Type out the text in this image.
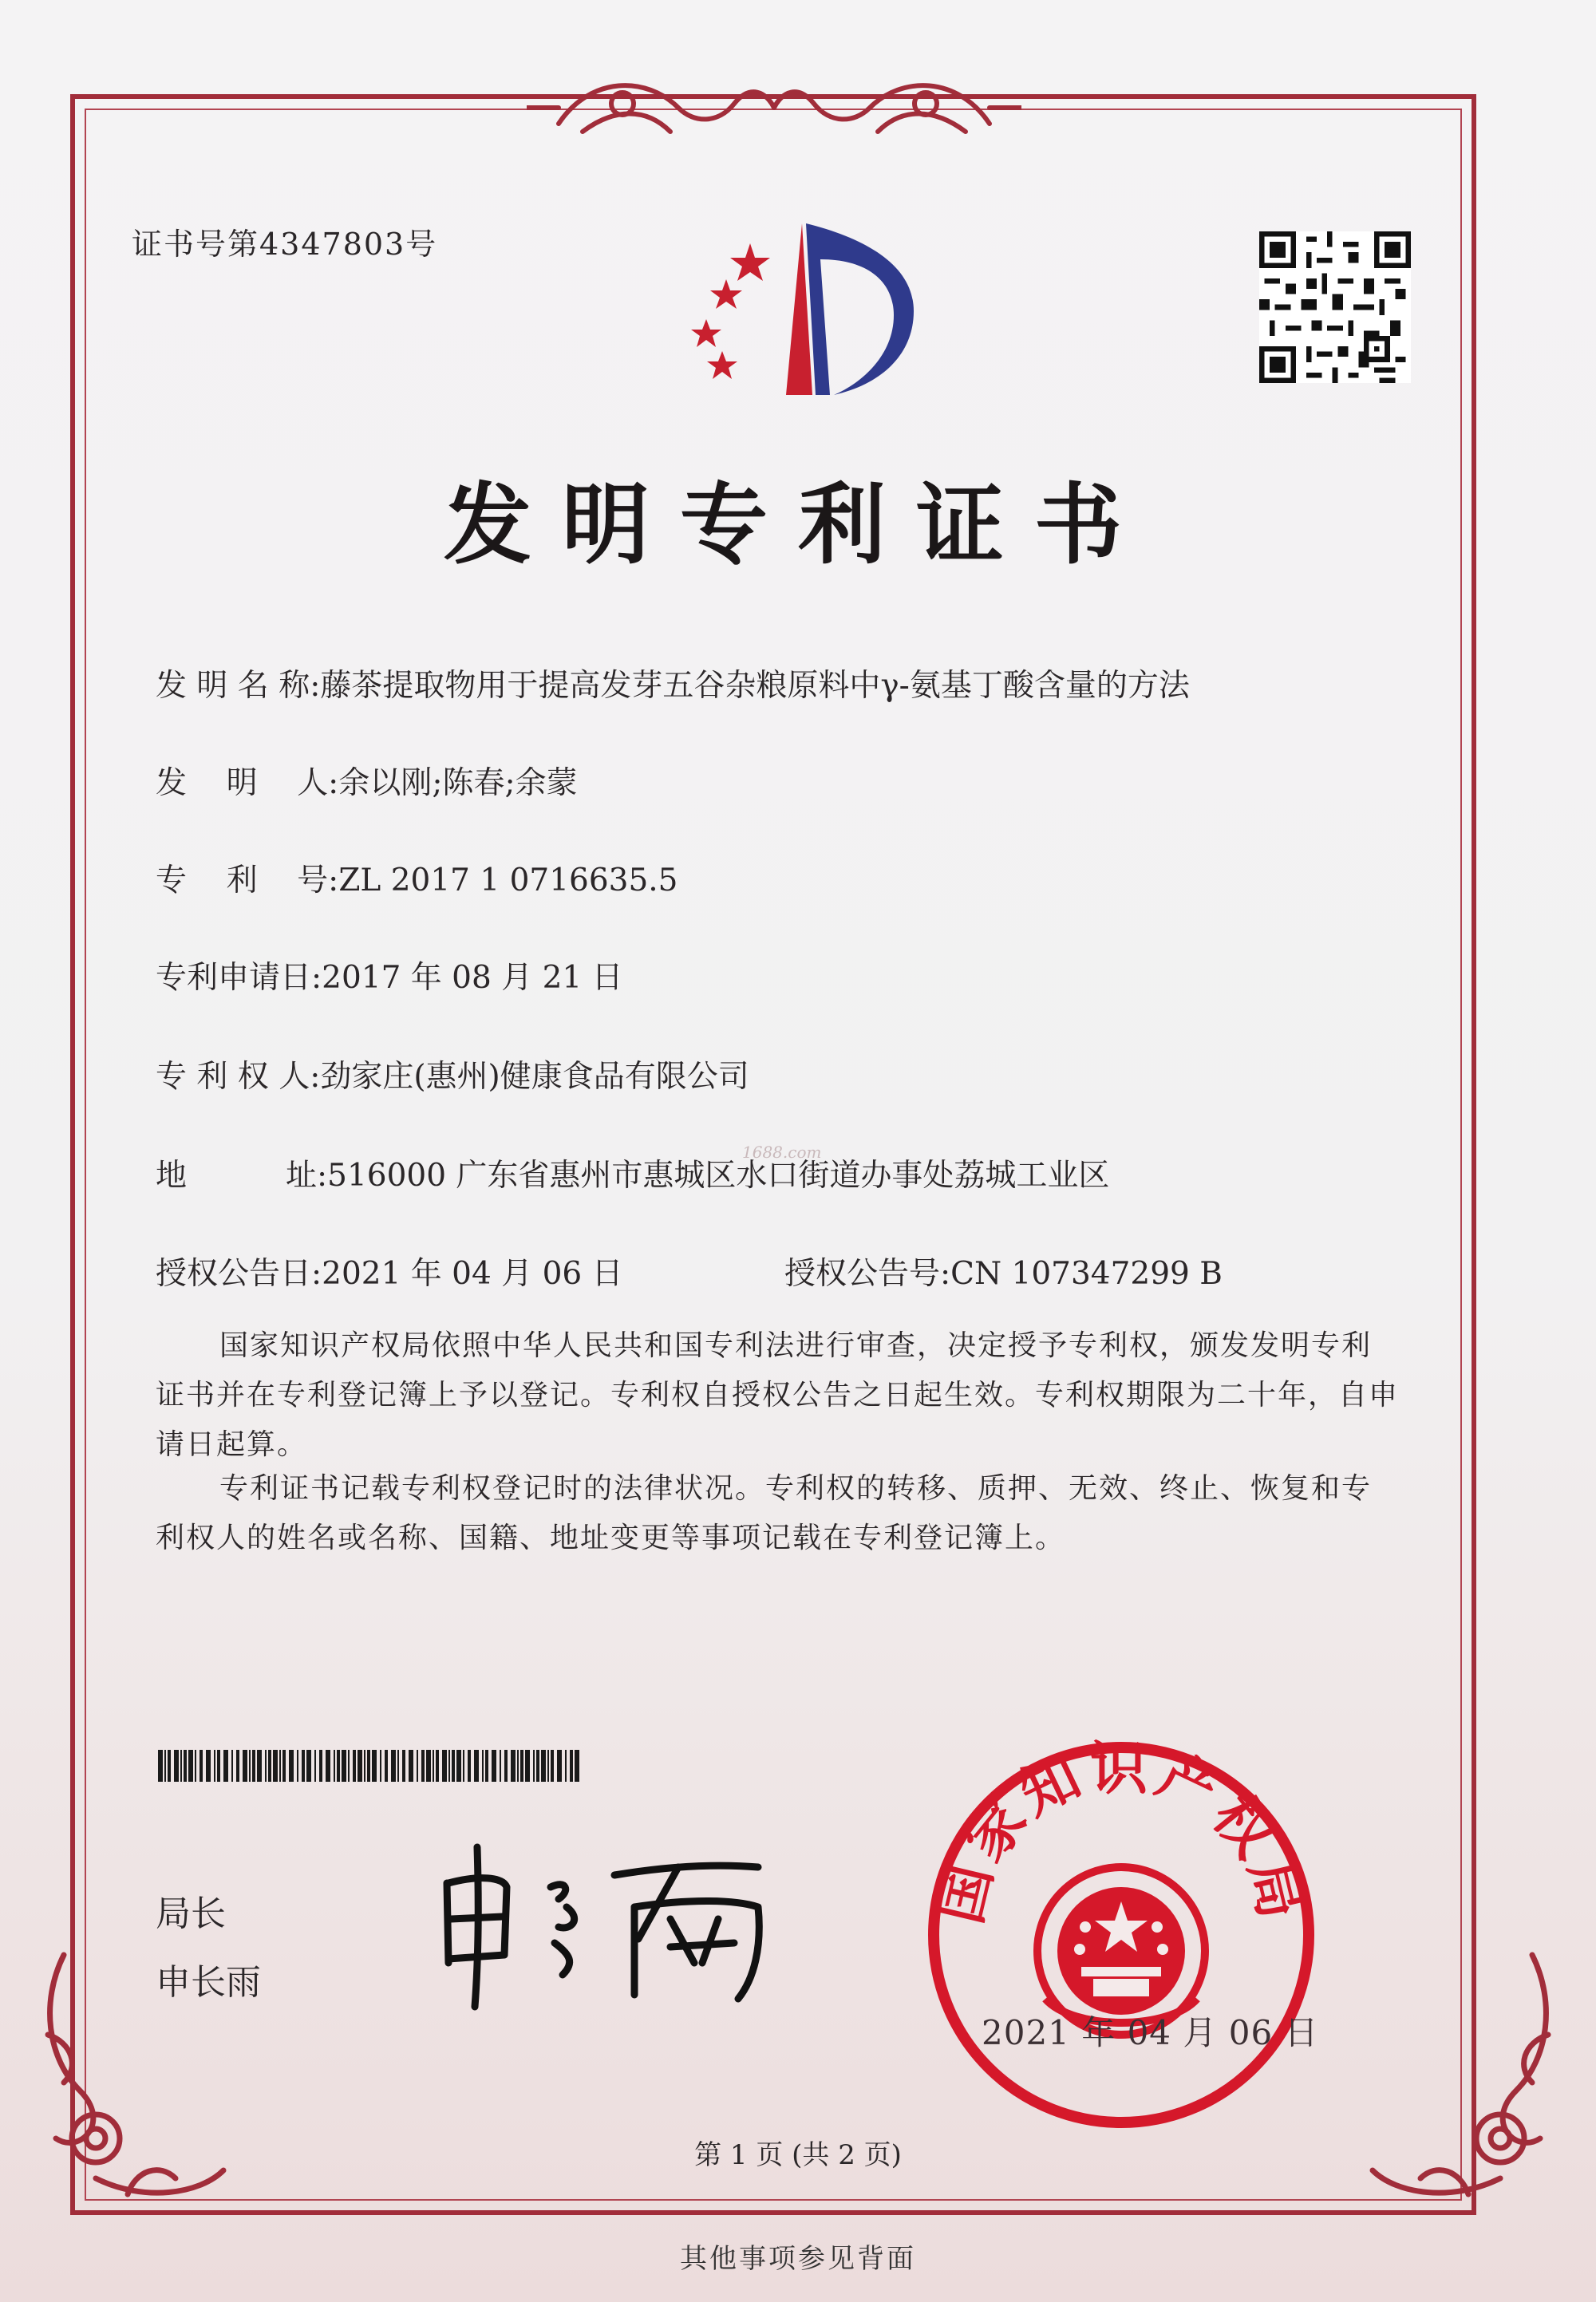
证书号第4347803号
发明专利证书
发 明 名 称:藤茶提取物用于提高发芽五谷杂粮原料中γ-氨基丁酸含量的方法
发    明    人:余以刚;陈春;余蒙
专    利    号:ZL 2017 1 0716635.5
专利申请日:2017 年 08 月 21 日
专 利 权 人:劲家庄(惠州)健康食品有限公司
地          址:516000 广东省惠州市惠城区水口街道办事处荔城工业区
授权公告日:2021 年 04 月 06 日	授权公告号:CN 107347299 B
1688.com
国家知识产权局依照中华人民共和国专利法进行审查，决定授予专利权，颁发发明专利证书并在专利登记簿上予以登记。专利权自授权公告之日起生效。专利权期限为二十年，自申请日起算。
专利证书记载专利权登记时的法律状况。专利权的转移、质押、无效、终止、恢复和专利权人的姓名或名称、国籍、地址变更等事项记载在专利登记簿上。
局长
申长雨
国家知识产权局
2021 年 04 月 06 日
第 1 页 (共 2 页)
其他事项参见背面
